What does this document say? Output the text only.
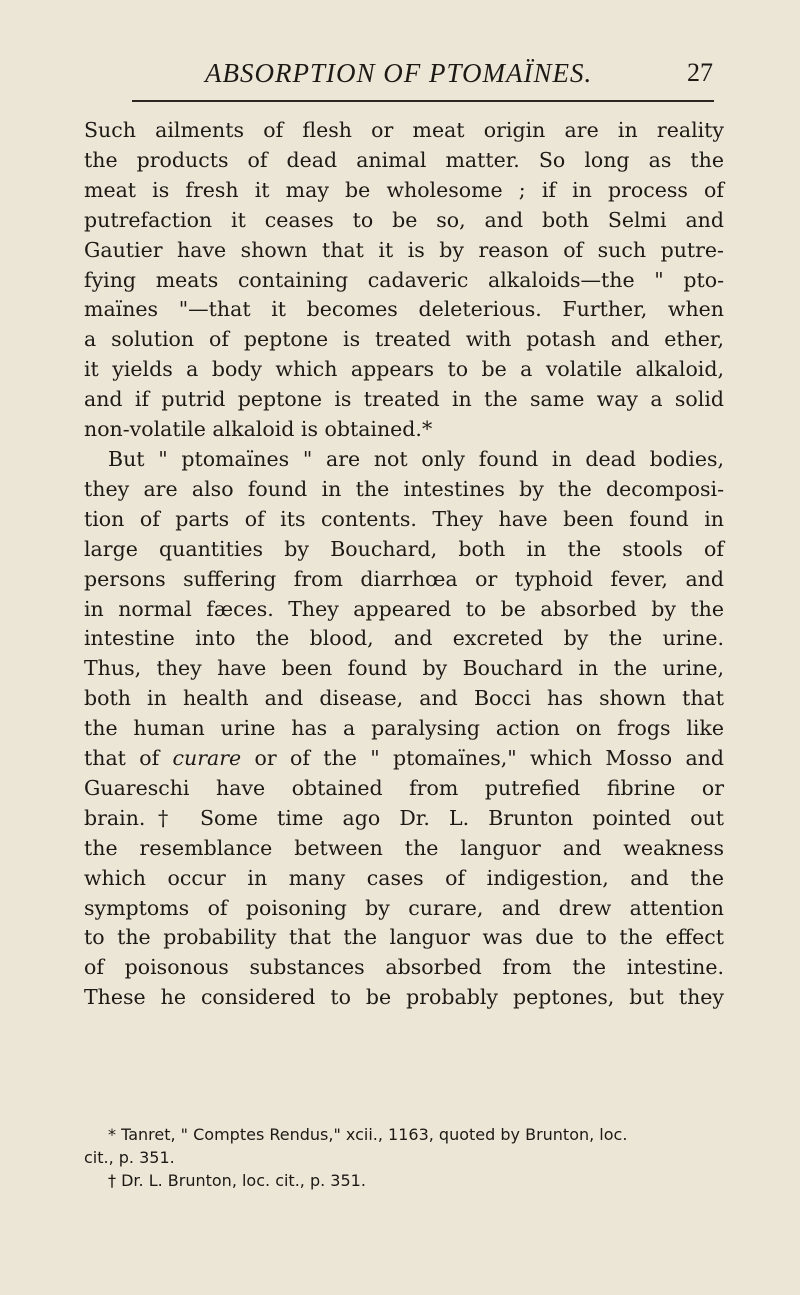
ABSORPTION OF PTOMAÏNES.	27
Such ailments of flesh or meat origin are in reality
the products of dead animal matter. So long as the
meat is fresh it may be wholesome ; if in process of
putrefaction it ceases to be so, and both Selmi and
Gautier have shown that it is by reason of such putre-
fying meats containing cadaveric alkaloids—the " pto-
maïnes "—that it becomes deleterious. Further, when
a solution of peptone is treated with potash and ether,
it yields a body which appears to be a volatile alkaloid,
and if putrid peptone is treated in the same way a solid
non-volatile alkaloid is obtained.*
But " ptomaïnes " are not only found in dead bodies,
they are also found in the intestines by the decomposi-
tion of parts of its contents. They have been found in
large quantities by Bouchard, both in the stools of
persons suffering from diarrhœa or typhoid fever, and
in normal fæces. They appeared to be absorbed by the
intestine into the blood, and excreted by the urine.
Thus, they have been found by Bouchard in the urine,
both in health and disease, and Bocci has shown that
the human urine has a paralysing action on frogs like
that of curare or of the " ptomaïnes," which Mosso and
Guareschi have obtained from putrefied fibrine or
brain.† Some time ago Dr. L. Brunton pointed out
the resemblance between the languor and weakness
which occur in many cases of indigestion, and the
symptoms of poisoning by curare, and drew attention
to the probability that the languor was due to the effect
of poisonous substances absorbed from the intestine.
These he considered to be probably peptones, but they
* Tanret, " Comptes Rendus," xcii., 1163, quoted by Brunton, loc.
cit., p. 351.
† Dr. L. Brunton, loc. cit., p. 351.
